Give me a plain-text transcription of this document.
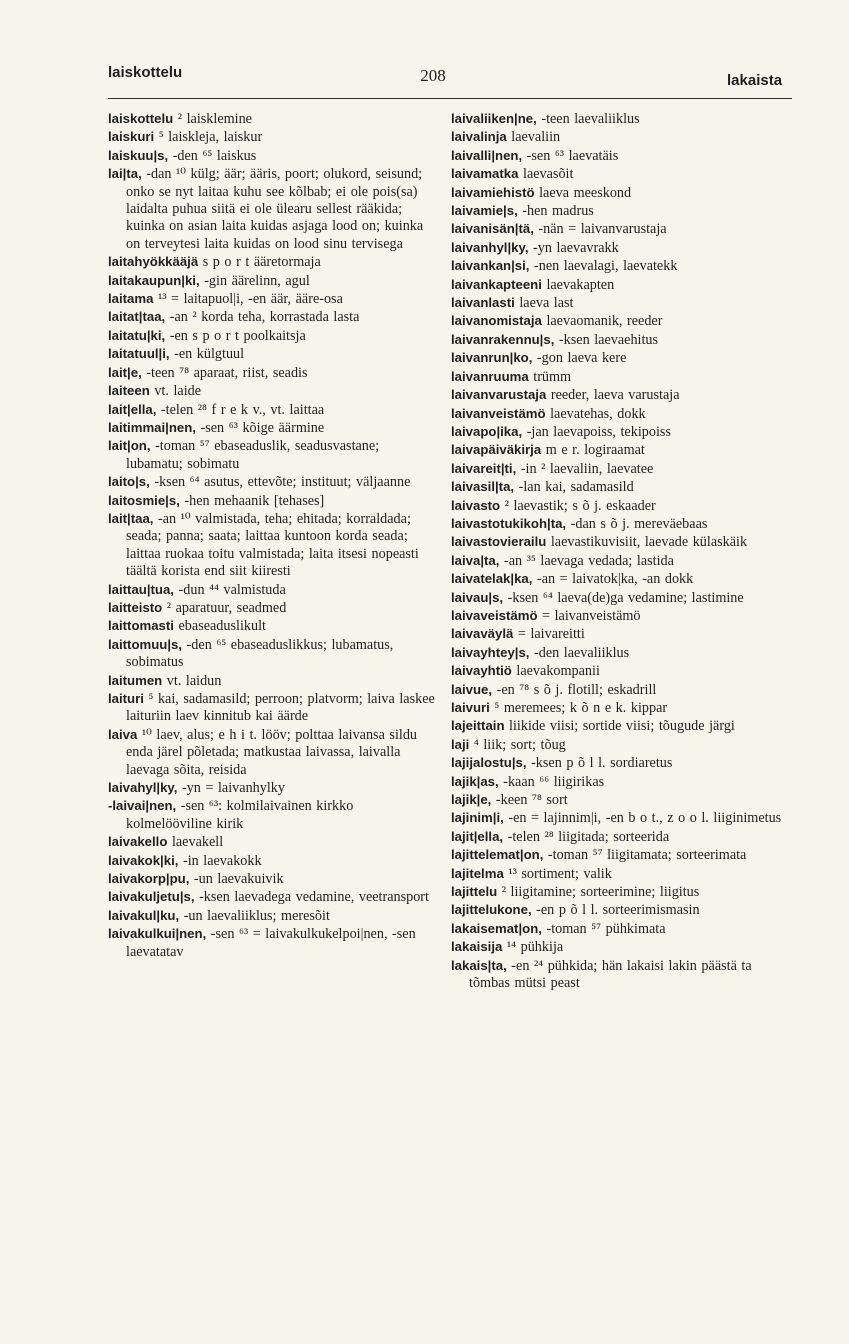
laiskottelu	208	lakaista

laiskottelu ² laisklemine

laiskuri ⁵ laiskleja, laiskur

laiskuu|s, -den ⁶⁵ laiskus

lai|ta, -dan ¹⁰ külg; äär; ääris, poort; olukord, seisund; onko se nyt laitaa kuhu see kõlbab; ei ole pois(sa) laidalta puhua siitä ei ole ülearu sellest rääkida; kuinka on asian laita kuidas asjaga lood on; kuinka on terveytesi laita kuidas on lood sinu tervisega

laitahyökkääjä s p o r t ääretormaja

laitakaupun|ki, -gin äärelinn, agul

laitama ¹³ = laitapuol|i, -en äär, ääre-osa

laitat|taa, -an ² korda teha, korrastada lasta

laitatu|ki, -en s p o r t poolkaitsja

laitatuul|i, -en külgtuul

lait|e, -teen ⁷⁸ aparaat, riist, seadis

laiteen vt. laide

lait|ella, -telen ²⁸ f r e k v., vt. laittaa

laitimmai|nen, -sen ⁶³ kõige äärmine

lait|on, -toman ⁵⁷ ebaseaduslik, seadusvastane; lubamatu; sobimatu

laito|s, -ksen ⁶⁴ asutus, ettevõte; instituut; väljaanne

laitosmie|s, -hen mehaanik [tehases]

lait|taa, -an ¹⁰ valmistada, teha; ehitada; korraldada; seada; panna; saata; laittaa kuntoon korda seada; laittaa ruokaa toitu valmistada; laita itsesi nopeasti täältä korista end siit kiiresti

laittau|tua, -dun ⁴⁴ valmistuda

laitteisto ² aparatuur, seadmed

laittomasti ebaseaduslikult

laittomuu|s, -den ⁶⁵ ebaseaduslikkus; lubamatus, sobimatus

laitumen vt. laidun

laituri ⁵ kai, sadamasild; perroon; platvorm; laiva laskee laituriin laev kinnitub kai äärde

laiva ¹⁰ laev, alus; e h i t. lööv; polttaa laivansa sildu enda järel põletada; matkustaa laivassa, laivalla laevaga sõita, reisida

laivahyl|ky, -yn = laivanhylky

-laivai|nen, -sen ⁶³: kolmilaivainen kirkko kolmelööviline kirik

laivakello laevakell

laivakok|ki, -in laevakokk

laivakorp|pu, -un laevakuivik

laivakuljetu|s, -ksen laevadega vedamine, veetransport

laivakul|ku, -un laevaliiklus; meresõit

laivakulkui|nen, -sen ⁶³ = laivakulkukelpoi|nen, -sen laevatatav

laivaliiken|ne, -teen laevaliiklus

laivalinja laevaliin

laivalli|nen, -sen ⁶³ laevatäis

laivamatka laevasõit

laivamiehistö laeva meeskond

laivamie|s, -hen madrus

laivanisän|tä, -nän = laivanvarustaja

laivanhyl|ky, -yn laevavrakk

laivankan|si, -nen laevalagi, laevatekk

laivankapteeni laevakapten

laivanlasti laeva last

laivanomistaja laevaomanik, reeder

laivanrakennu|s, -ksen laevaehitus

laivanrun|ko, -gon laeva kere

laivanruuma trümm

laivanvarustaja reeder, laeva varustaja

laivanveistämö laevatehas, dokk

laivapo|ika, -jan laevapoiss, tekipoiss

laivapäiväkirja m e r. logiraamat

laivareit|ti, -in ² laevaliin, laevatee

laivasil|ta, -lan kai, sadamasild

laivasto ² laevastik; s õ j. eskaader

laivastotukikoh|ta, -dan s õ j. mereväebaas

laivastovierailu laevastikuvisiit, laevade külaskäik

laiva|ta, -an ³⁵ laevaga vedada; lastida

laivatelak|ka, -an = laivatok|ka, -an dokk

laivau|s, -ksen ⁶⁴ laeva(de)ga vedamine; lastimine

laivaveistämö = laivanveistämö

laivaväylä = laivareitti

laivayhtey|s, -den laevaliiklus

laivayhtiö laevakompanii

laivue, -en ⁷⁸ s õ j. flotill; eskadrill

laivuri ⁵ meremees; k õ n e k. kippar

lajeittain liikide viisi; sortide viisi; tõugude järgi

laji ⁴ liik; sort; tõug

lajijalostu|s, -ksen p õ l l. sordiaretus

lajik|as, -kaan ⁶⁶ liigirikas

lajik|e, -keen ⁷⁸ sort

lajinim|i, -en = lajinnim|i, -en b o t., z o o l. liiginimetus

lajit|ella, -telen ²⁸ liigitada; sorteerida

lajittelemat|on, -toman ⁵⁷ liigitamata; sorteerimata

lajitelma ¹³ sortiment; valik

lajittelu ² liigitamine; sorteerimine; liigitus

lajittelukone, -en p õ l l. sorteerimismasin

lakaisemat|on, -toman ⁵⁷ pühkimata

lakaisija ¹⁴ pühkija

lakais|ta, -en ²⁴ pühkida; hän lakaisi lakin päästä ta tõmbas mütsi peast
